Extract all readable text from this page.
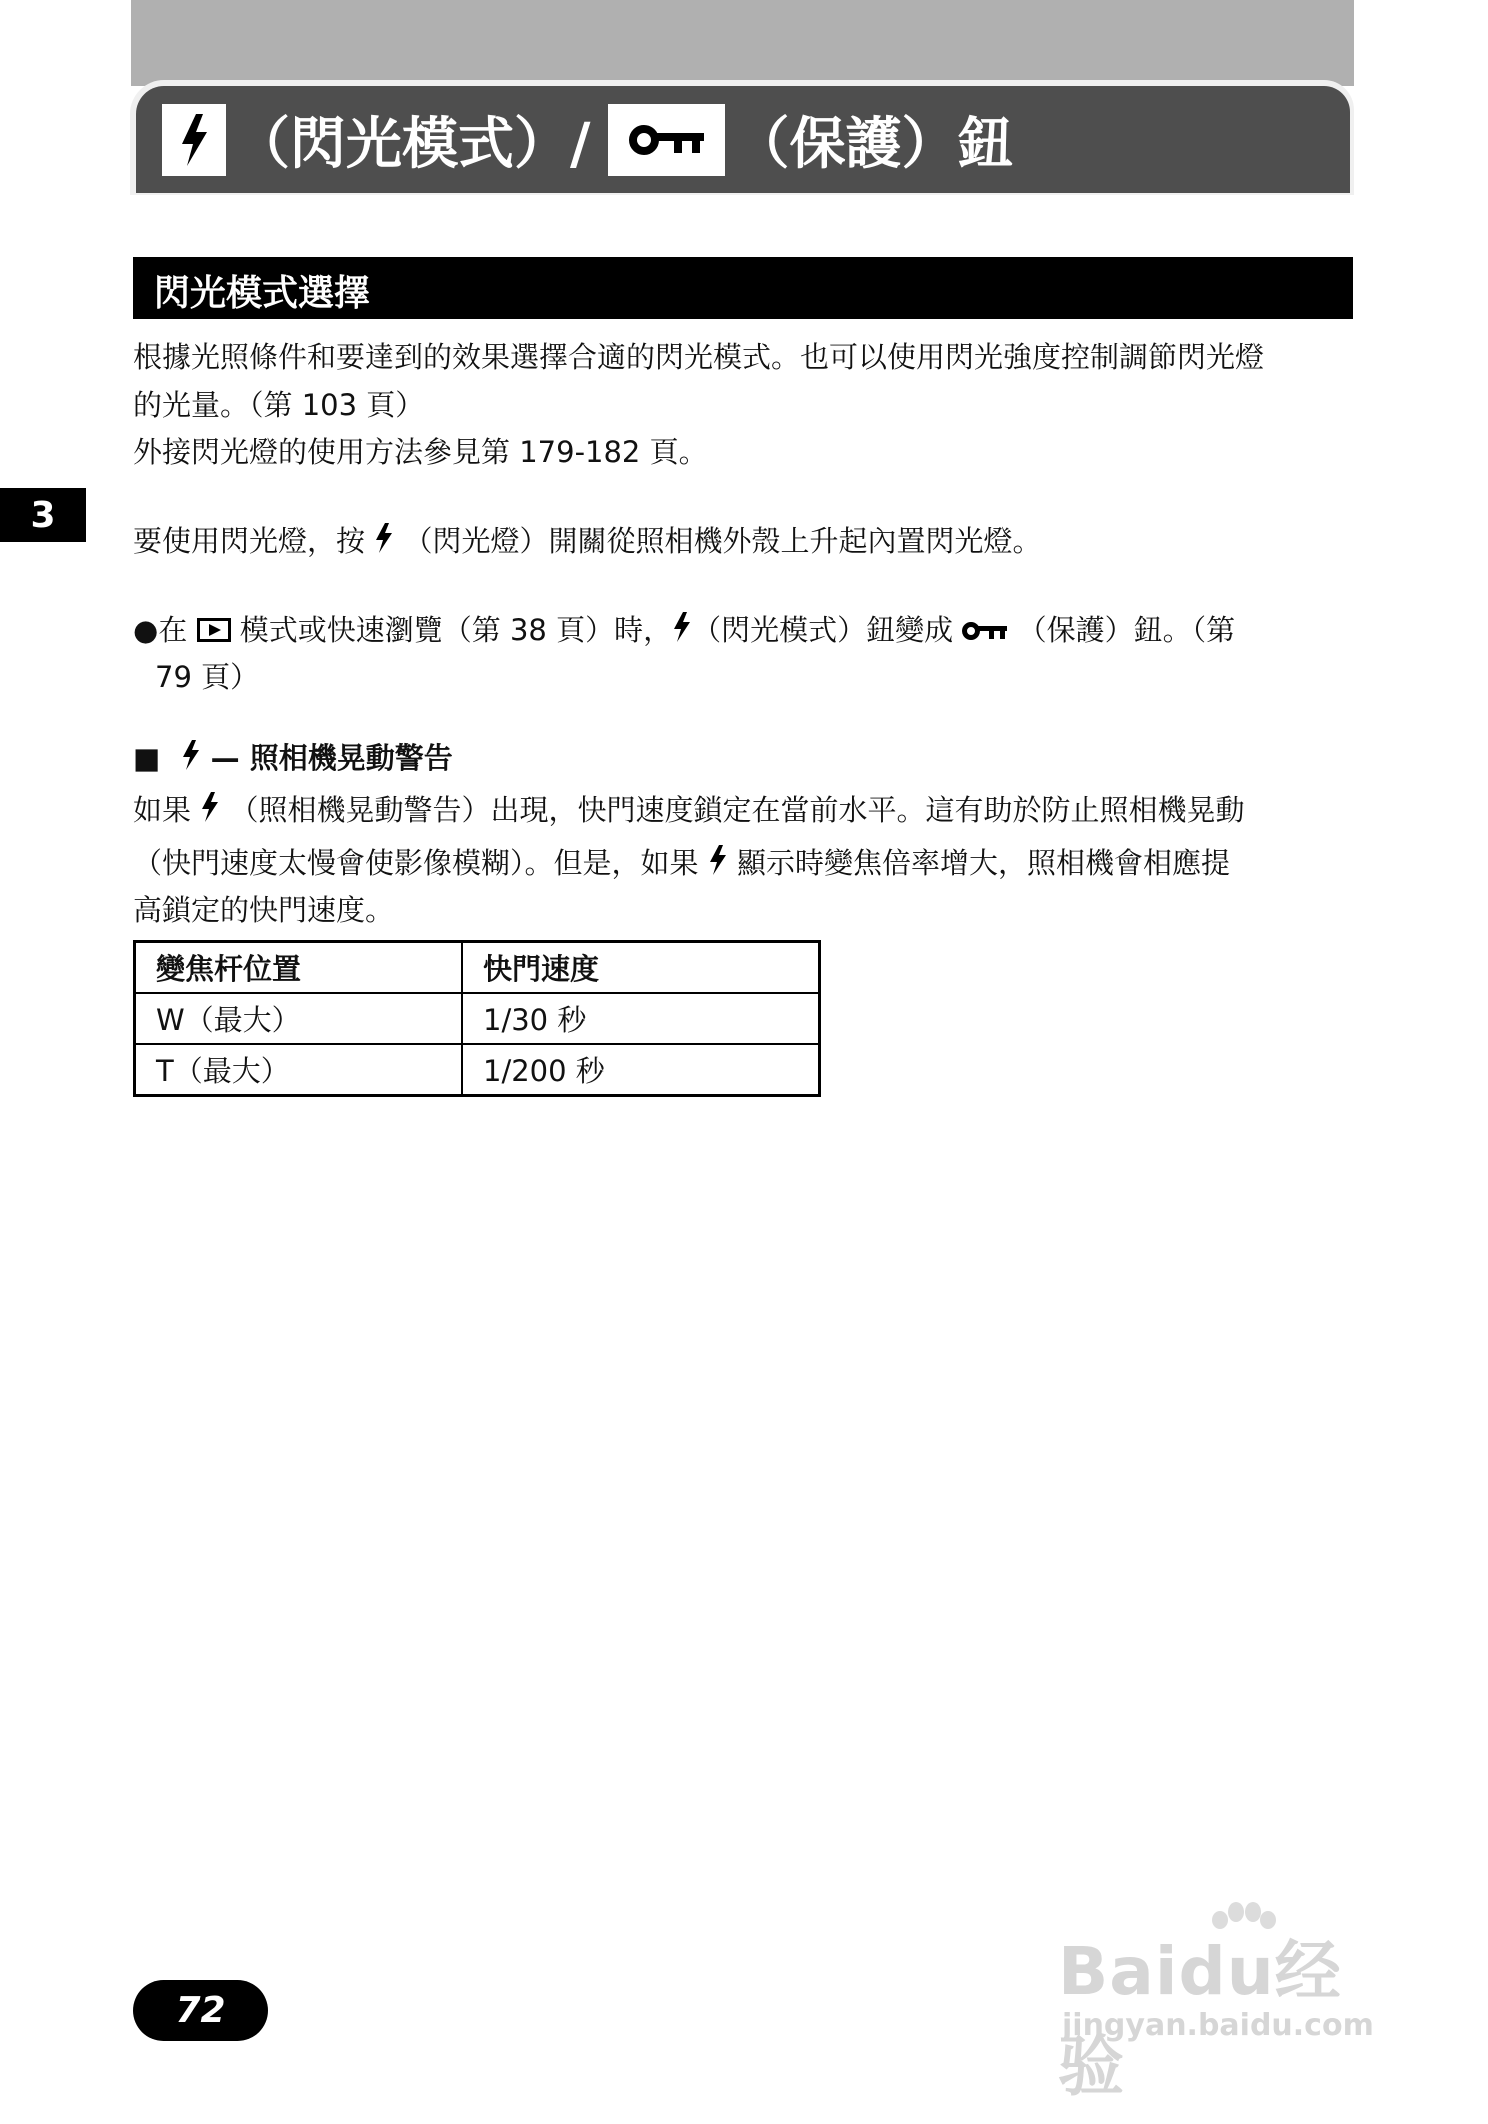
（閃光模式）/	（保護）鈕
閃光模式選擇
3
根據光照條件和要達到的效果選擇合適的閃光模式。也可以使用閃光強度控制調節閃光燈
的光量。（第 103 頁）
外接閃光燈的使用方法參見第 179-182 頁。
要使用閃光燈，按 （閃光燈）開關從照相機外殼上升起內置閃光燈。
●在 模式或快速瀏覽（第 38 頁）時， （閃光模式）鈕變成 （保護）鈕。（第
79 頁）
■ — 照相機晃動警告
如果 （照相機晃動警告）出現，快門速度鎖定在當前水平。這有助於防止照相機晃動
（快門速度太慢會使影像模糊）。但是，如果 顯示時變焦倍率增大，照相機會相應提
高鎖定的快門速度。
變焦杆位置	快門速度
W（最大）	1/30 秒
T（最大）	1/200 秒
72
Baidu经验
jingyan.baidu.com
